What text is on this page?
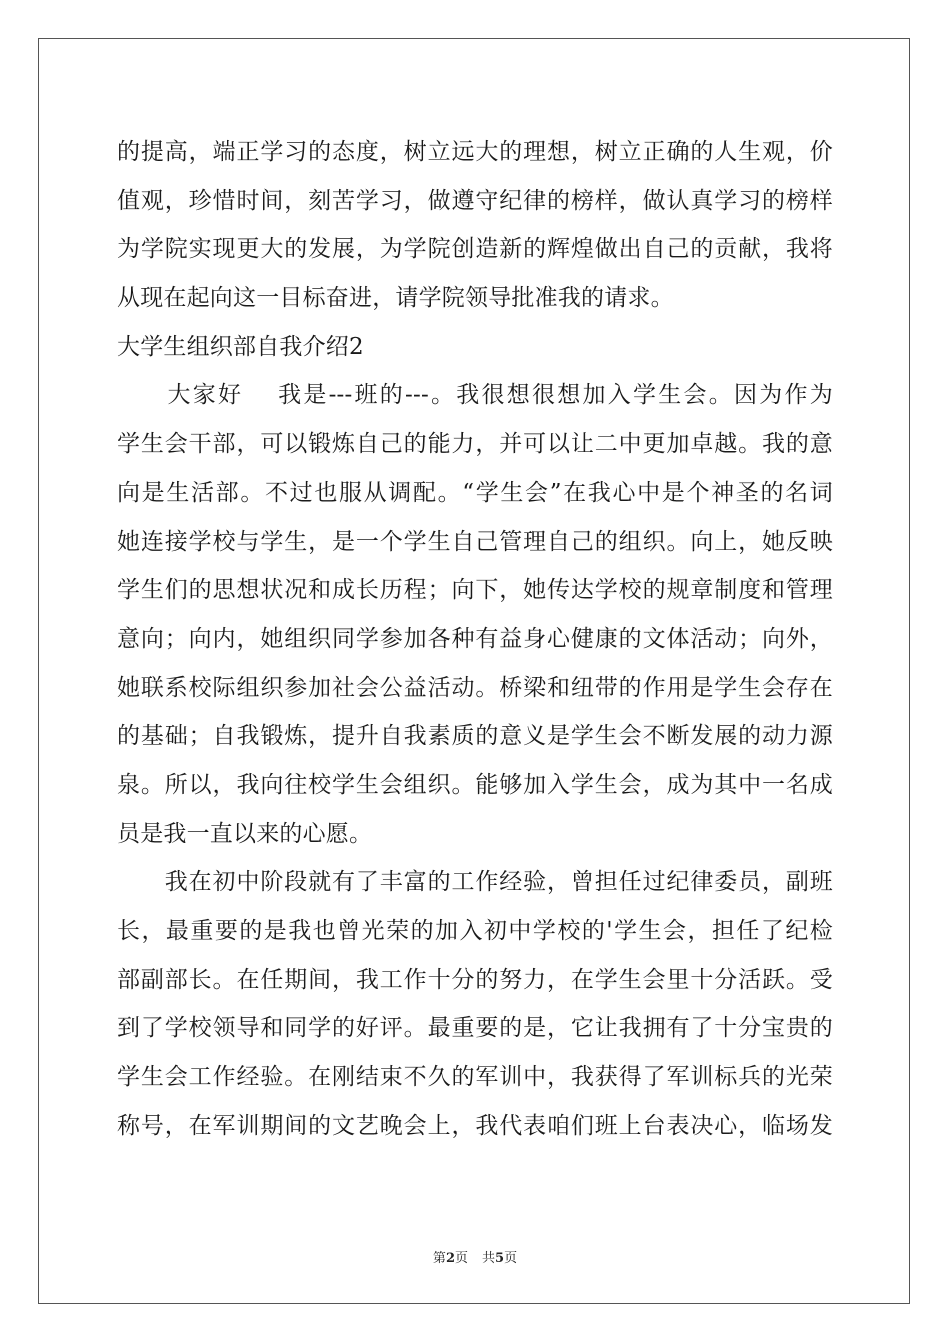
的提高，端正学习的态度，树立远大的理想，树立正确的人生观，价
值观，珍惜时间，刻苦学习，做遵守纪律的榜样，做认真学习的榜样
为学院实现更大的发展，为学院创造新的辉煌做出自己的贡献，我将
从现在起向这一目标奋进，请学院领导批准我的请求。
大学生组织部自我介绍2
　　大家好　 我是---班的---。我很想很想加入学生会。因为作为
学生会干部，可以锻炼自己的能力，并可以让二中更加卓越。我的意
向是生活部。不过也服从调配。“学生会”在我心中是个神圣的名词
她连接学校与学生，是一个学生自己管理自己的组织。向上，她反映
学生们的思想状况和成长历程；向下，她传达学校的规章制度和管理
意向；向内，她组织同学参加各种有益身心健康的文体活动；向外，
她联系校际组织参加社会公益活动。桥梁和纽带的作用是学生会存在
的基础；自我锻炼，提升自我素质的意义是学生会不断发展的动力源
泉。所以，我向往校学生会组织。能够加入学生会，成为其中一名成
员是我一直以来的心愿。
　　我在初中阶段就有了丰富的工作经验，曾担任过纪律委员，副班
长，最重要的是我也曾光荣的加入初中学校的'学生会，担任了纪检
部副部长。在任期间，我工作十分的努力，在学生会里十分活跃。受
到了学校领导和同学的好评。最重要的是，它让我拥有了十分宝贵的
学生会工作经验。在刚结束不久的军训中，我获得了军训标兵的光荣
称号，在军训期间的文艺晚会上，我代表咱们班上台表决心，临场发
第2页 共5页
